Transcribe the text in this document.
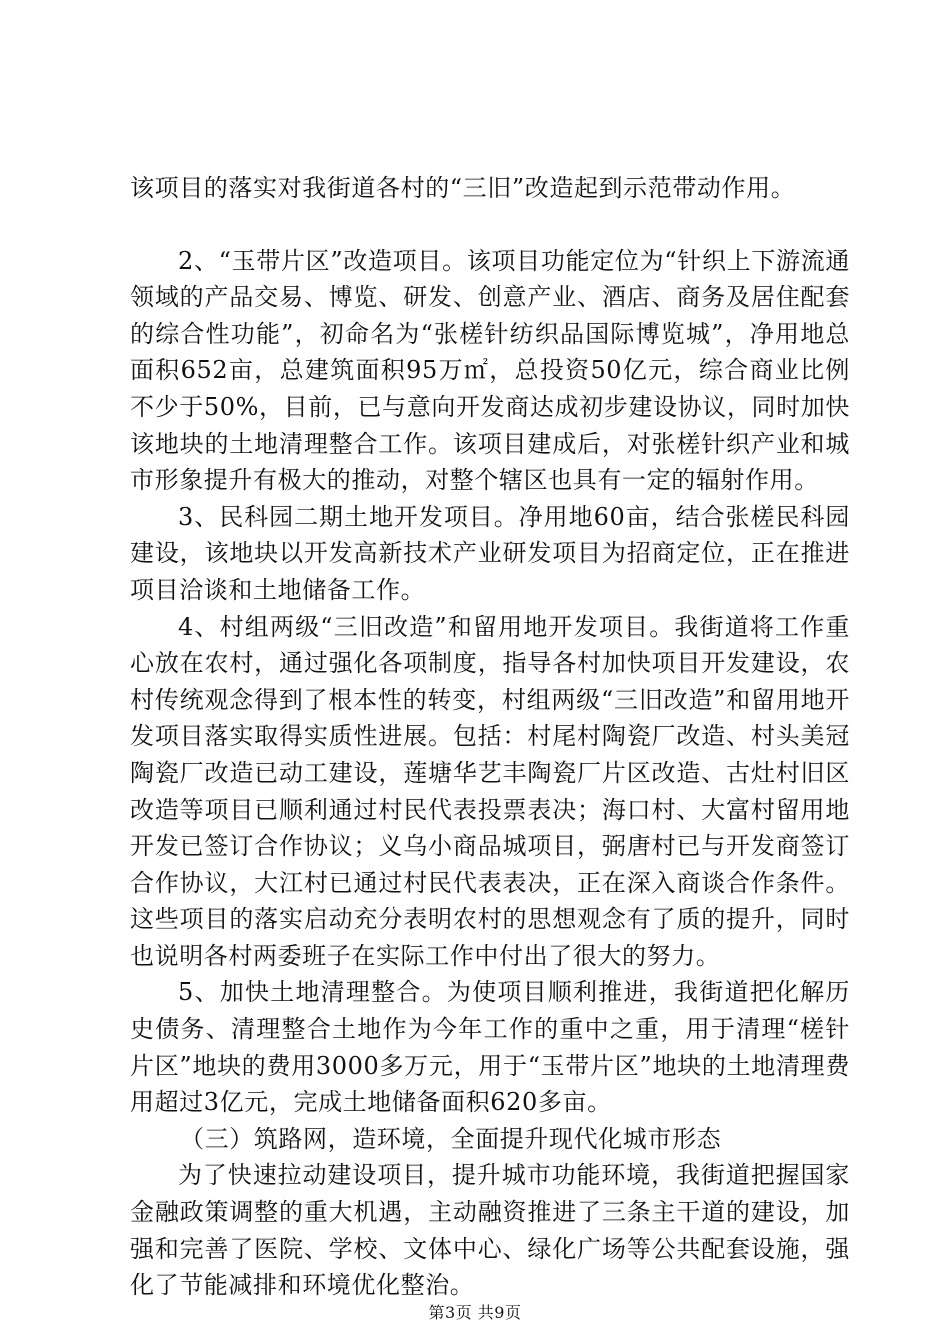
该项目的落实对我街道各村的“三旧”改造起到示范带动作用。

2、“玉带片区”改造项目。该项目功能定位为“针织上下游流通领域的产品交易、博览、研发、创意产业、酒店、商务及居住配套的综合性功能”，初命名为“张槎针纺织品国际博览城”，净用地总面积652亩，总建筑面积95万㎡，总投资50亿元，综合商业比例不少于50%，目前，已与意向开发商达成初步建设协议，同时加快该地块的土地清理整合工作。该项目建成后，对张槎针织产业和城市形象提升有极大的推动，对整个辖区也具有一定的辐射作用。

3、民科园二期土地开发项目。净用地60亩，结合张槎民科园建设，该地块以开发高新技术产业研发项目为招商定位，正在推进项目洽谈和土地储备工作。

4、村组两级“三旧改造”和留用地开发项目。我街道将工作重心放在农村，通过强化各项制度，指导各村加快项目开发建设，农村传统观念得到了根本性的转变，村组两级“三旧改造”和留用地开发项目落实取得实质性进展。包括：村尾村陶瓷厂改造、村头美冠陶瓷厂改造已动工建设，莲塘华艺丰陶瓷厂片区改造、古灶村旧区改造等项目已顺利通过村民代表投票表决；海口村、大富村留用地开发已签订合作协议；义乌小商品城项目，弼唐村已与开发商签订合作协议，大江村已通过村民代表表决，正在深入商谈合作条件。这些项目的落实启动充分表明农村的思想观念有了质的提升，同时也说明各村两委班子在实际工作中付出了很大的努力。

5、加快土地清理整合。为使项目顺利推进，我街道把化解历史债务、清理整合土地作为今年工作的重中之重，用于清理“槎针片区”地块的费用3000多万元，用于“玉带片区”地块的土地清理费用超过3亿元，完成土地储备面积620多亩。

（三）筑路网，造环境，全面提升现代化城市形态

为了快速拉动建设项目，提升城市功能环境，我街道把握国家金融政策调整的重大机遇，主动融资推进了三条主干道的建设，加强和完善了医院、学校、文体中心、绿化广场等公共配套设施，强化了节能减排和环境优化整治。

第3页 共9页
